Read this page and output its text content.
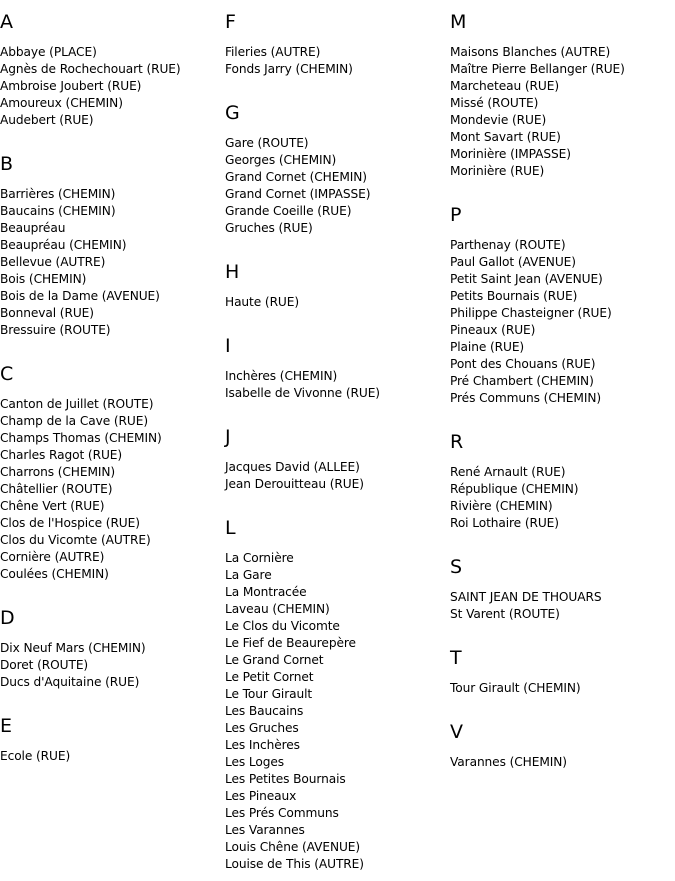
A
Abbaye (PLACE)
Agnès de Rochechouart (RUE)
Ambroise Joubert (RUE)
Amoureux (CHEMIN)
Audebert (RUE)
B
Barrières (CHEMIN)
Baucains (CHEMIN)
Beaupréau
Beaupréau (CHEMIN)
Bellevue (AUTRE)
Bois (CHEMIN)
Bois de la Dame (AVENUE)
Bonneval (RUE)
Bressuire (ROUTE)
C
Canton de Juillet (ROUTE)
Champ de la Cave (RUE)
Champs Thomas (CHEMIN)
Charles Ragot (RUE)
Charrons (CHEMIN)
Châtellier (ROUTE)
Chêne Vert (RUE)
Clos de l'Hospice (RUE)
Clos du Vicomte (AUTRE)
Cornière (AUTRE)
Coulées (CHEMIN)
D
Dix Neuf Mars (CHEMIN)
Doret (ROUTE)
Ducs d'Aquitaine (RUE)
E
Ecole (RUE)
F
Fileries (AUTRE)
Fonds Jarry (CHEMIN)
G
Gare (ROUTE)
Georges (CHEMIN)
Grand Cornet (CHEMIN)
Grand Cornet (IMPASSE)
Grande Coeille (RUE)
Gruches (RUE)
H
Haute (RUE)
I
Inchères (CHEMIN)
Isabelle de Vivonne (RUE)
J
Jacques David (ALLEE)
Jean Derouitteau (RUE)
L
La Cornière
La Gare
La Montracée
Laveau (CHEMIN)
Le Clos du Vicomte
Le Fief de Beaurepère
Le Grand Cornet
Le Petit Cornet
Le Tour Girault
Les Baucains
Les Gruches
Les Inchères
Les Loges
Les Petites Bournais
Les Pineaux
Les Prés Communs
Les Varannes
Louis Chêne (AVENUE)
Louise de This (AUTRE)
M
Maisons Blanches (AUTRE)
Maître Pierre Bellanger (RUE)
Marcheteau (RUE)
Missé (ROUTE)
Mondevie (RUE)
Mont Savart (RUE)
Morinière (IMPASSE)
Morinière (RUE)
P
Parthenay (ROUTE)
Paul Gallot (AVENUE)
Petit Saint Jean (AVENUE)
Petits Bournais (RUE)
Philippe Chasteigner (RUE)
Pineaux (RUE)
Plaine (RUE)
Pont des Chouans (RUE)
Pré Chambert (CHEMIN)
Prés Communs (CHEMIN)
R
René Arnault (RUE)
République (CHEMIN)
Rivière (CHEMIN)
Roi Lothaire (RUE)
S
SAINT JEAN DE THOUARS
St Varent (ROUTE)
T
Tour Girault (CHEMIN)
V
Varannes (CHEMIN)
